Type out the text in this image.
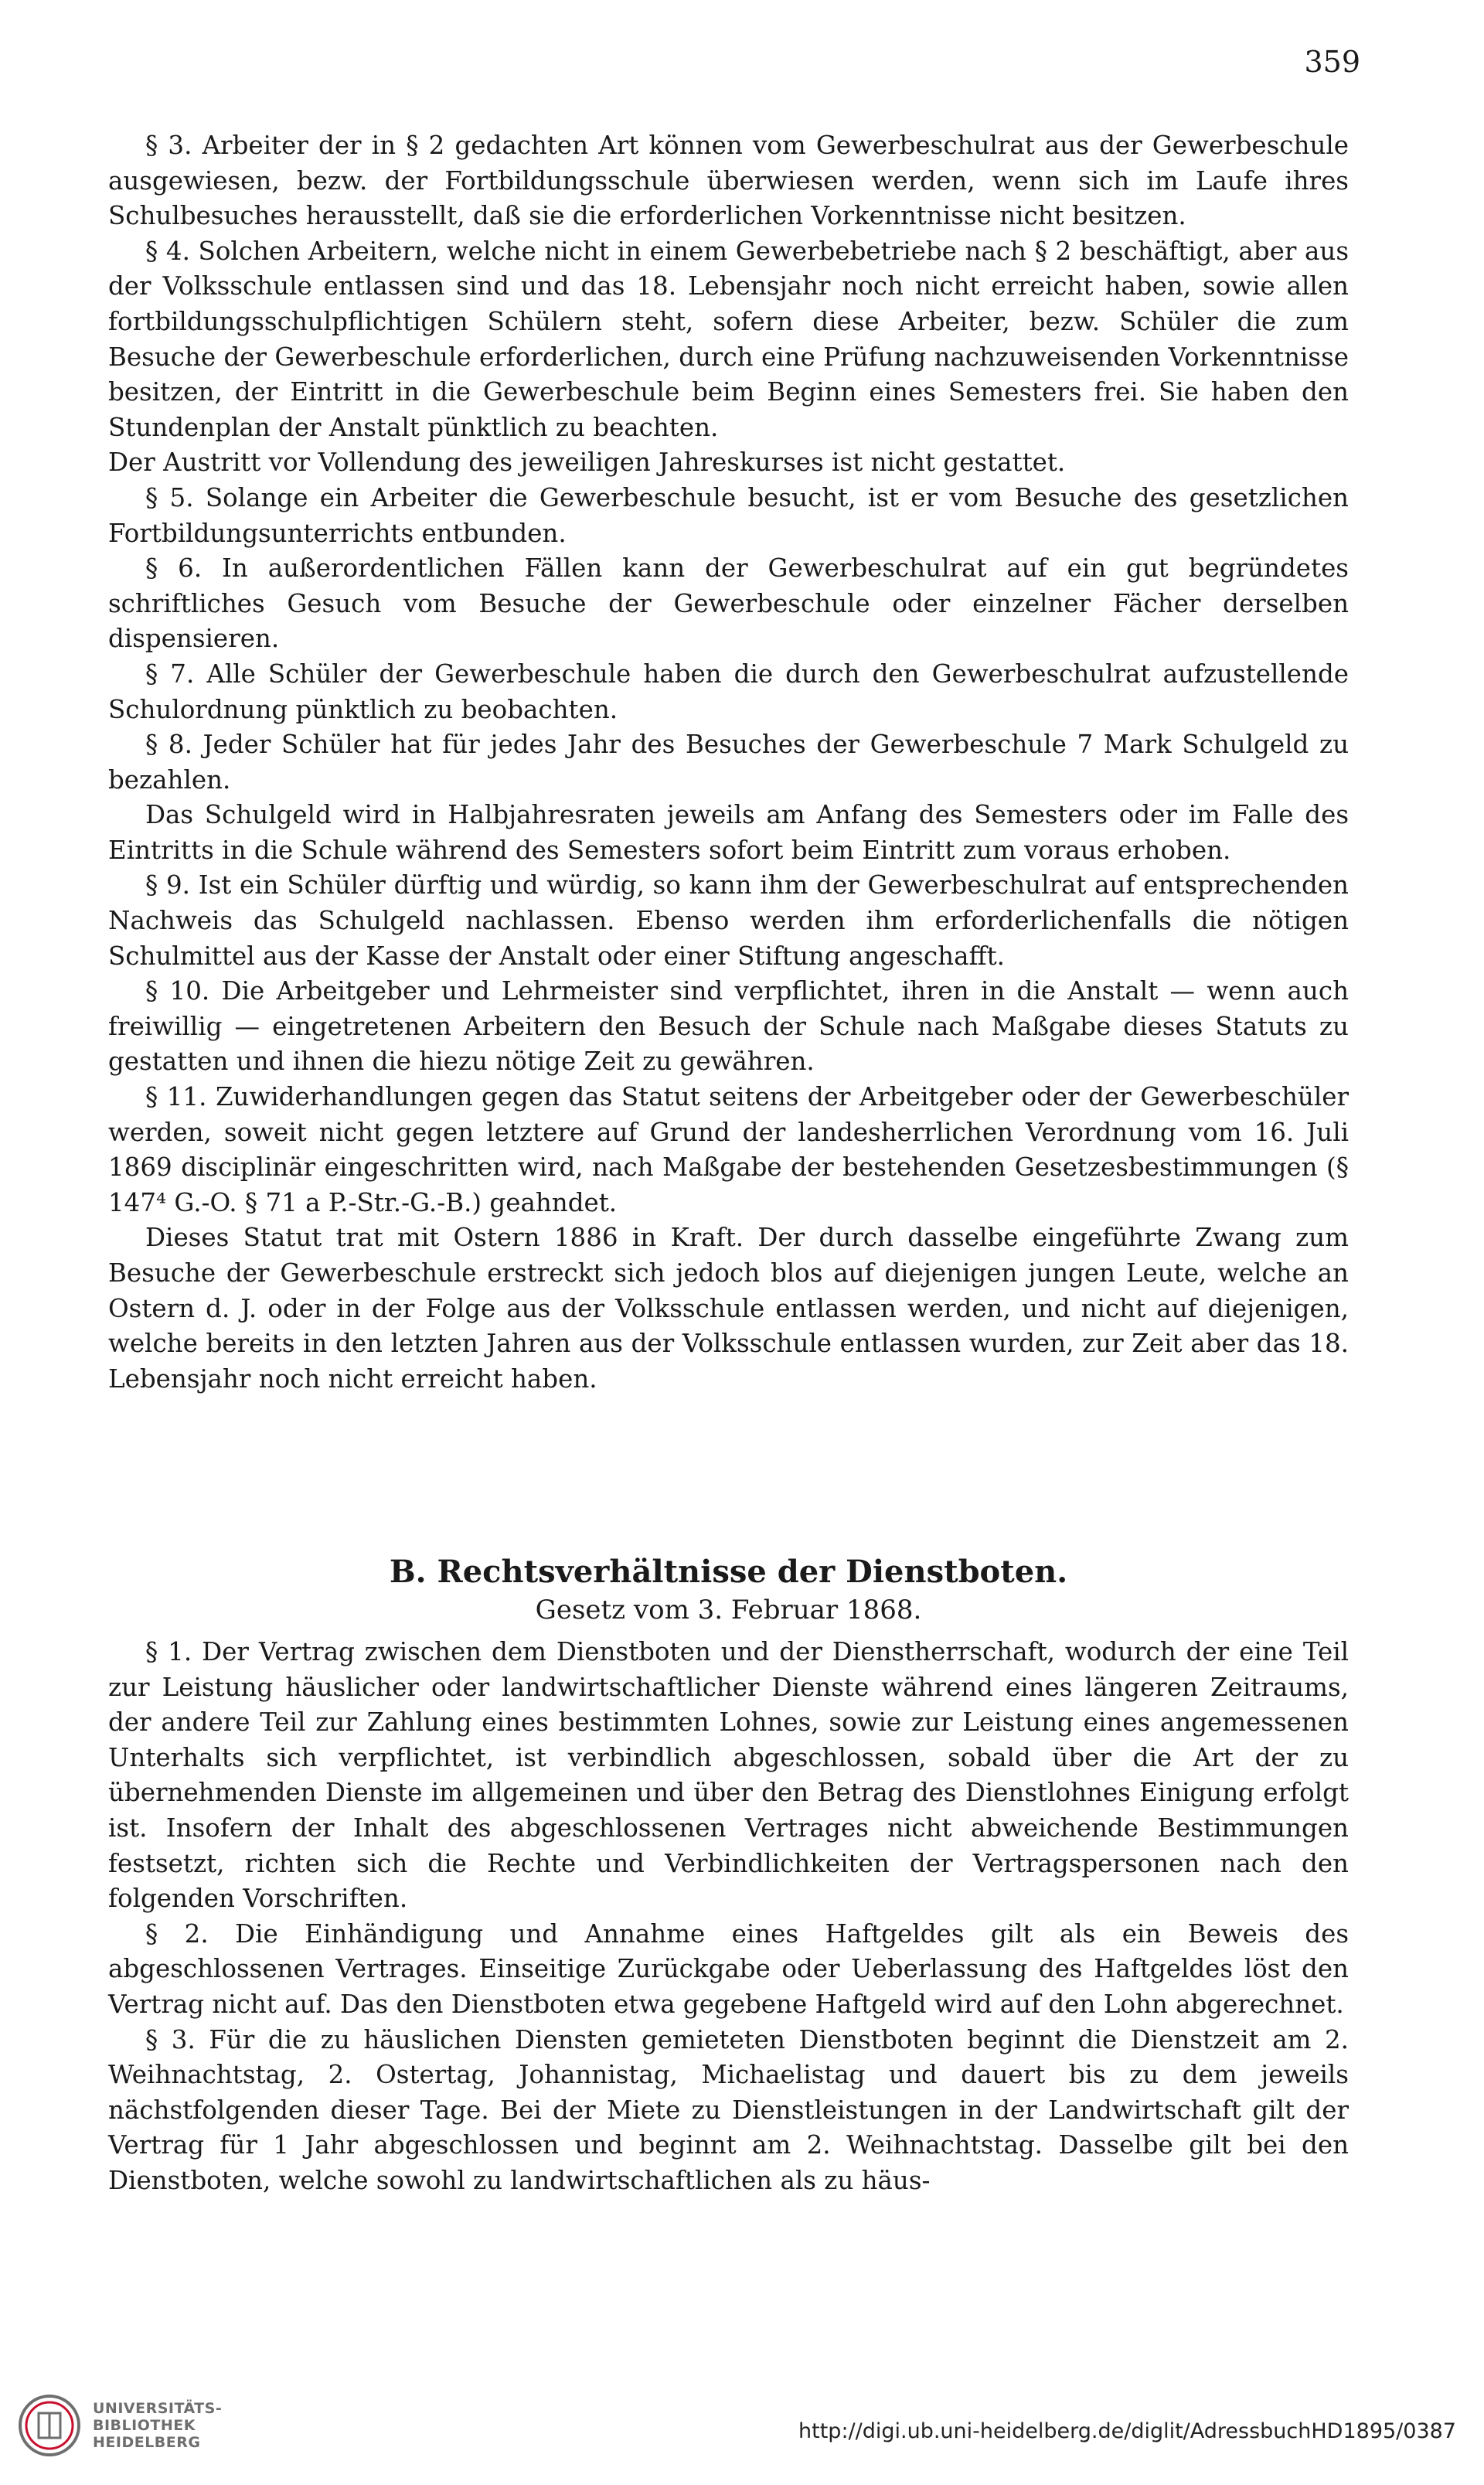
359

§ 3. Arbeiter der in § 2 gedachten Art können vom Gewerbeschulrat aus der Gewerbeschule ausgewiesen, bezw. der Fortbildungsschule überwiesen werden, wenn sich im Laufe ihres Schulbesuches herausstellt, daß sie die erforderlichen Vorkenntnisse nicht besitzen.

§ 4. Solchen Arbeitern, welche nicht in einem Gewerbebetriebe nach § 2 beschäftigt, aber aus der Volksschule entlassen sind und das 18. Lebensjahr noch nicht erreicht haben, sowie allen fortbildungsschulpflichtigen Schülern steht, sofern diese Arbeiter, bezw. Schüler die zum Besuche der Gewerbeschule erforderlichen, durch eine Prüfung nachzuweisenden Vorkenntnisse besitzen, der Eintritt in die Gewerbeschule beim Beginn eines Semesters frei. Sie haben den Stundenplan der Anstalt pünktlich zu beachten.

Der Austritt vor Vollendung des jeweiligen Jahreskurses ist nicht gestattet.

§ 5. Solange ein Arbeiter die Gewerbeschule besucht, ist er vom Besuche des gesetzlichen Fortbildungsunterrichts entbunden.

§ 6. In außerordentlichen Fällen kann der Gewerbeschulrat auf ein gut begründetes schriftliches Gesuch vom Besuche der Gewerbeschule oder einzelner Fächer derselben dispensieren.

§ 7. Alle Schüler der Gewerbeschule haben die durch den Gewerbeschulrat aufzustellende Schulordnung pünktlich zu beobachten.

§ 8. Jeder Schüler hat für jedes Jahr des Besuches der Gewerbeschule 7 Mark Schulgeld zu bezahlen.

Das Schulgeld wird in Halbjahresraten jeweils am Anfang des Semesters oder im Falle des Eintritts in die Schule während des Semesters sofort beim Eintritt zum voraus erhoben.

§ 9. Ist ein Schüler dürftig und würdig, so kann ihm der Gewerbeschulrat auf entsprechenden Nachweis das Schulgeld nachlassen. Ebenso werden ihm erforderlichenfalls die nötigen Schulmittel aus der Kasse der Anstalt oder einer Stiftung angeschafft.

§ 10. Die Arbeitgeber und Lehrmeister sind verpflichtet, ihren in die Anstalt — wenn auch freiwillig — eingetretenen Arbeitern den Besuch der Schule nach Maßgabe dieses Statuts zu gestatten und ihnen die hiezu nötige Zeit zu gewähren.

§ 11. Zuwiderhandlungen gegen das Statut seitens der Arbeitgeber oder der Gewerbeschüler werden, soweit nicht gegen letztere auf Grund der landesherrlichen Verordnung vom 16. Juli 1869 disciplinär eingeschritten wird, nach Maßgabe der bestehenden Gesetzesbestimmungen (§ 147⁴ G.-O. § 71 a P.-Str.-G.-B.) geahndet.

Dieses Statut trat mit Ostern 1886 in Kraft. Der durch dasselbe eingeführte Zwang zum Besuche der Gewerbeschule erstreckt sich jedoch blos auf diejenigen jungen Leute, welche an Ostern d. J. oder in der Folge aus der Volksschule entlassen werden, und nicht auf diejenigen, welche bereits in den letzten Jahren aus der Volksschule entlassen wurden, zur Zeit aber das 18. Lebensjahr noch nicht erreicht haben.

B. Rechtsverhältnisse der Dienstboten.
Gesetz vom 3. Februar 1868.

§ 1. Der Vertrag zwischen dem Dienstboten und der Dienstherrschaft, wodurch der eine Teil zur Leistung häuslicher oder landwirtschaftlicher Dienste während eines längeren Zeitraums, der andere Teil zur Zahlung eines bestimmten Lohnes, sowie zur Leistung eines angemessenen Unterhalts sich verpflichtet, ist verbindlich abgeschlossen, sobald über die Art der zu übernehmenden Dienste im allgemeinen und über den Betrag des Dienstlohnes Einigung erfolgt ist. Insofern der Inhalt des abgeschlossenen Vertrages nicht abweichende Bestimmungen festsetzt, richten sich die Rechte und Verbindlichkeiten der Vertragspersonen nach den folgenden Vorschriften.

§ 2. Die Einhändigung und Annahme eines Haftgeldes gilt als ein Beweis des abgeschlossenen Vertrages. Einseitige Zurückgabe oder Ueberlassung des Haftgeldes löst den Vertrag nicht auf. Das den Dienstboten etwa gegebene Haftgeld wird auf den Lohn abgerechnet.

§ 3. Für die zu häuslichen Diensten gemieteten Dienstboten beginnt die Dienstzeit am 2. Weihnachtstag, 2. Ostertag, Johannistag, Michaelistag und dauert bis zu dem jeweils nächstfolgenden dieser Tage. Bei der Miete zu Dienstleistungen in der Landwirtschaft gilt der Vertrag für 1 Jahr abgeschlossen und beginnt am 2. Weihnachtstag. Dasselbe gilt bei den Dienstboten, welche sowohl zu landwirtschaftlichen als zu häus-

UNIVERSITÄTS-
BIBLIOTHEK
HEIDELBERG	http://digi.ub.uni-heidelberg.de/diglit/AdressbuchHD1895/0387
